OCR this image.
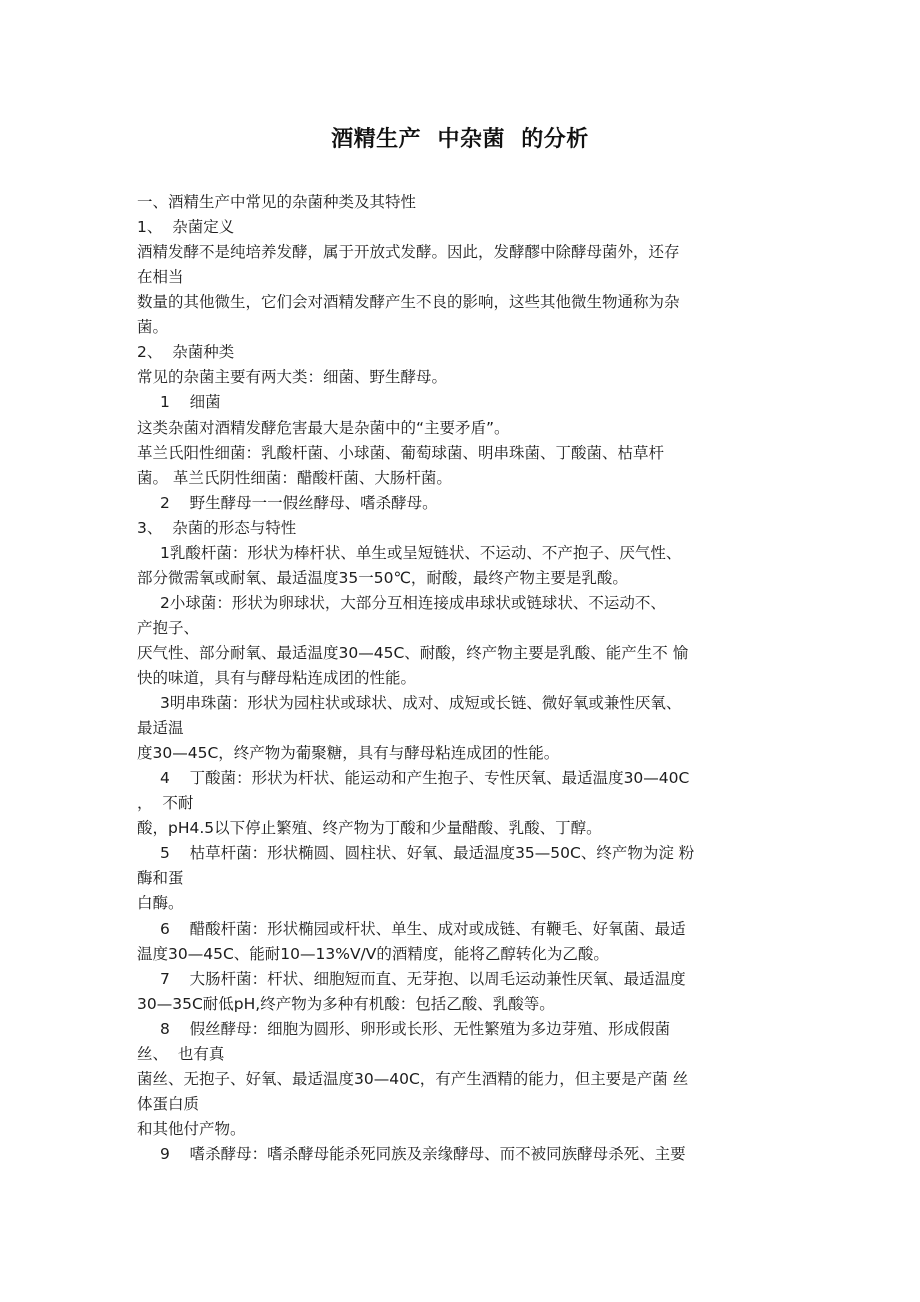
酒精生产  中杂菌  的分析
一、酒精生产中常见的杂菌种类及其特性
1、  杂菌定义
酒精发酵不是纯培养发酵，属于开放式发酵。因此，发酵醪中除酵母菌外，还存
在相当
数量的其他微生，它们会对酒精发酵产生不良的影响，这些其他微生物通称为杂
菌。
2、  杂菌种类
常见的杂菌主要有两大类：细菌、野生酵母。
1    细菌
这类杂菌对酒精发酵危害最大是杂菌中的“主要矛盾”。
革兰氏阳性细菌：乳酸杆菌、小球菌、葡萄球菌、明串珠菌、丁酸菌、枯草杆
菌。 革兰氏阴性细菌：醋酸杆菌、大肠杆菌。
2    野生酵母一一假丝酵母、嗜杀酵母。
3、  杂菌的形态与特性
1乳酸杆菌：形状为棒杆状、单生或呈短链状、不运动、不产抱子、厌气性、
部分微需氧或耐氧、最适温度35一50℃，耐酸，最终产物主要是乳酸。
2小球菌：形状为卵球状，大部分互相连接成串球状或链球状、不运动不、
产抱子、
厌气性、部分耐氧、最适温度30—45C、耐酸，终产物主要是乳酸、能产生不 愉
快的味道，具有与酵母粘连成团的性能。
3明串珠菌：形状为园柱状或球状、成对、成短或长链、微好氧或兼性厌氧、
最适温
度30—45C，终产物为葡聚糖，具有与酵母粘连成团的性能。
4    丁酸菌：形状为杆状、能运动和产生抱子、专性厌氧、最适温度30—40C
，  不耐
酸，pH4.5以下停止繁殖、终产物为丁酸和少量醋酸、乳酸、丁醇。
5    枯草杆菌：形状椭圆、圆柱状、好氧、最适温度35—50C、终产物为淀 粉
酶和蛋
白酶。
6    醋酸杆菌：形状椭园或杆状、单生、成对或成链、有鞭毛、好氧菌、最适
温度30—45C、能耐10—13%V/V的酒精度，能将乙醇转化为乙酸。
7    大肠杆菌：杆状、细胞短而直、无芽抱、以周毛运动兼性厌氧、最适温度
30—35C耐低pH,终产物为多种有机酸：包括乙酸、乳酸等。
8    假丝酵母：细胞为圆形、卵形或长形、无性繁殖为多边芽殖、形成假菌
丝、  也有真
菌丝、无抱子、好氧、最适温度30—40C，有产生酒精的能力，但主要是产菌 丝
体蛋白质
和其他付产物。
9    嗜杀酵母：嗜杀酵母能杀死同族及亲缘酵母、而不被同族酵母杀死、主要
